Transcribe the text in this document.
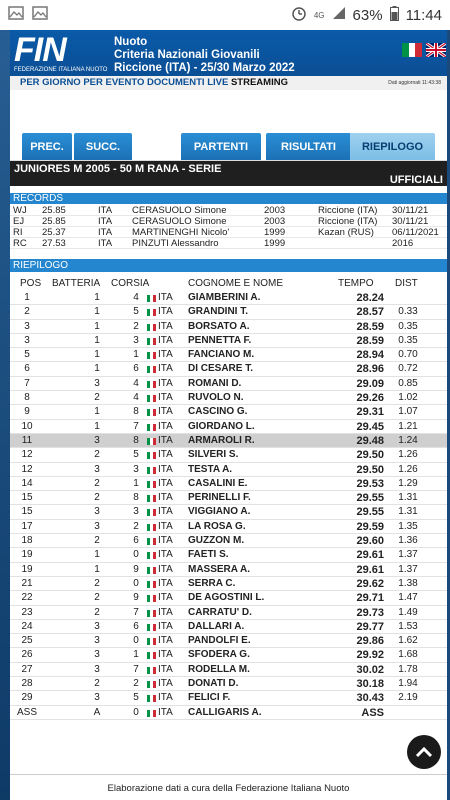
4G 63% 11:44
FIN
FEDERAZIONE ITALIANA NUOTO
Nuoto
Criteria Nazionali Giovanili
Riccione (ITA) - 25/30 Marzo 2022
PER GIORNO PER EVENTO DOCUMENTI LIVE STREAMING	Dati aggiornati 11:43:38
PREC.	SUCC.	PARTENTI	RISULTATI	RIEPILOGO
JUNIORES M 2005 - 50 M RANA - SERIE
UFFICIALI
RECORDS
WJ 25.85	ITA CERASUOLO Simone	2003	Riccione (ITA) 30/11/21
EJ 25.85	ITA CERASUOLO Simone	2003	Riccione (ITA) 30/11/21
RI 25.37	ITA MARTINENGHI Nicolo'	1999	Kazan (RUS) 06/11/2021
RC 27.53	ITA PINZUTI Alessandro	1999	2016
RIEPILOGO
POS BATTERIA CORSIA	COGNOME E NOME	TEMPO DIST
1	1	4	ITA GIAMBERINI A.	28.24
2	1	5	ITA GRANDINI T.	28.57	0.33
3	1	2	ITA BORSATO A.	28.59	0.35
3	1	3	ITA PENNETTA F.	28.59	0.35
5	1	1	ITA FANCIANO M.	28.94	0.70
6	1	6	ITA DI CESARE T.	28.96	0.72
7	3	4	ITA ROMANI D.	29.09	0.85
8	2	4	ITA RUVOLO N.	29.26	1.02
9	1	8	ITA CASCINO G.	29.31	1.07
10	1	7	ITA GIORDANO L.	29.45	1.21
11	3	8	ITA ARMAROLI R.	29.48	1.24
12	2	5	ITA SILVERI S.	29.50	1.26
12	3	3	ITA TESTA A.	29.50	1.26
14	2	1	ITA CASALINI E.	29.53	1.29
15	2	8	ITA PERINELLI F.	29.55	1.31
15	3	3	ITA VIGGIANO A.	29.55	1.31
17	3	2	ITA LA ROSA G.	29.59	1.35
18	2	6	ITA GUZZON M.	29.60	1.36
19	1	0	ITA FAETI S.	29.61	1.37
19	1	9	ITA MASSERA A.	29.61	1.37
21	2	0	ITA SERRA C.	29.62	1.38
22	2	9	ITA DE AGOSTINI L.	29.71	1.47
23	2	7	ITA CARRATU' D.	29.73	1.49
24	3	6	ITA DALLARI A.	29.77	1.53
25	3	0	ITA PANDOLFI E.	29.86	1.62
26	3	1	ITA SFODERA G.	29.92	1.68
27	3	7	ITA RODELLA M.	30.02	1.78
28	2	2	ITA DONATI D.	30.18	1.94
29	3	5	ITA FELICI F.	30.43	2.19
ASS	A	0	ITA CALLIGARIS A.	ASS
Elaborazione dati a cura della Federazione Italiana Nuoto
